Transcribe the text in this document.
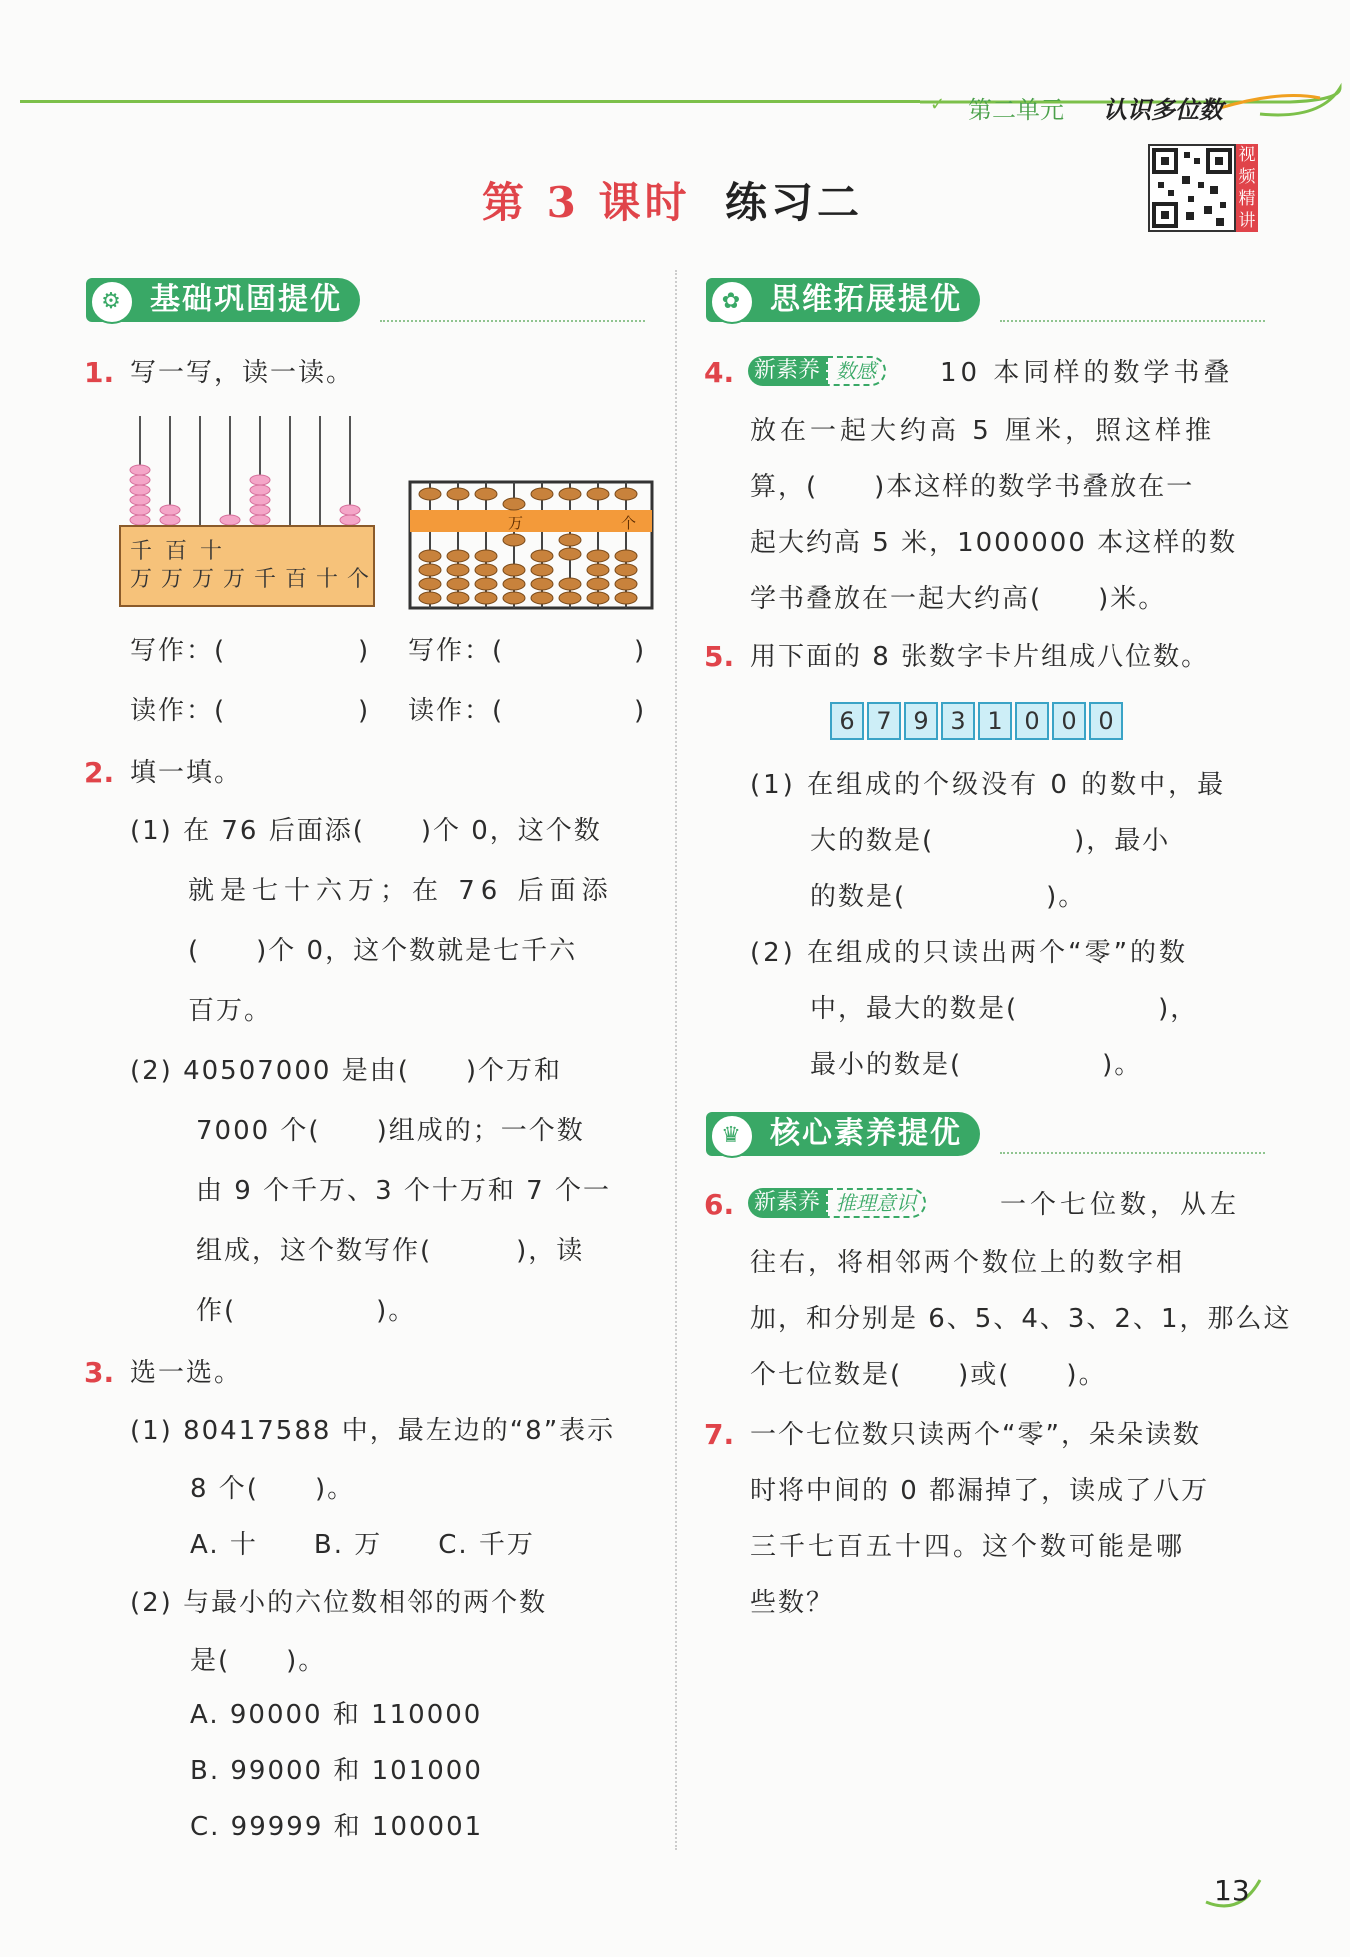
✓ 第二单元 认识多位数
第 3 课时 练习二
视频精讲
⚙ 基础巩固提优	✿ 思维拓展提优
♛ 核心素养提优
1. 写一写，读一读。
千 百 十
万 万 万 万 千 百 十 个
万	个
写作：(	) 写作：(	)
读作：(	) 读作：(	)
2. 填一填。
(1) 在 76 后面添(　　)个 0，这个数
就是七十六万；在 76 后面添
(　　)个 0，这个数就是七千六
百万。
(2) 40507000 是由(　　)个万和
7000 个(　　)组成的；一个数
由 9 个千万、3 个十万和 7 个一
组成，这个数写作(　　　)，读
作(　　　　　)。
3. 选一选。
(1) 80417588 中，最左边的“8”表示
8 个(　　)。
A. 十　　B. 万　　C. 千万
(2) 与最小的六位数相邻的两个数
是(　　)。
A. 90000 和 110000
B. 99000 和 101000
C. 99999 和 100001
4. 新素养 数感	10 本同样的数学书叠
放在一起大约高 5 厘米，照这样推
算，(　　)本这样的数学书叠放在一
起大约高 5 米，1000000 本这样的数
学书叠放在一起大约高(　　)米。
5. 用下面的 8 张数字卡片组成八位数。
6 7 9 3 1 0 0 0
(1) 在组成的个级没有 0 的数中，最
大的数是(　　　　　)，最小
的数是(　　　　　)。
(2) 在组成的只读出两个“零”的数
中，最大的数是(　　　　　)，
最小的数是(　　　　　)。
6. 新素养 推理意识	一个七位数，从左
往右，将相邻两个数位上的数字相
加，和分别是 6、5、4、3、2、1，那么这
个七位数是(　　)或(　　)。
7. 一个七位数只读两个“零”，朵朵读数
时将中间的 0 都漏掉了，读成了八万
三千七百五十四。这个数可能是哪
些数？
13
